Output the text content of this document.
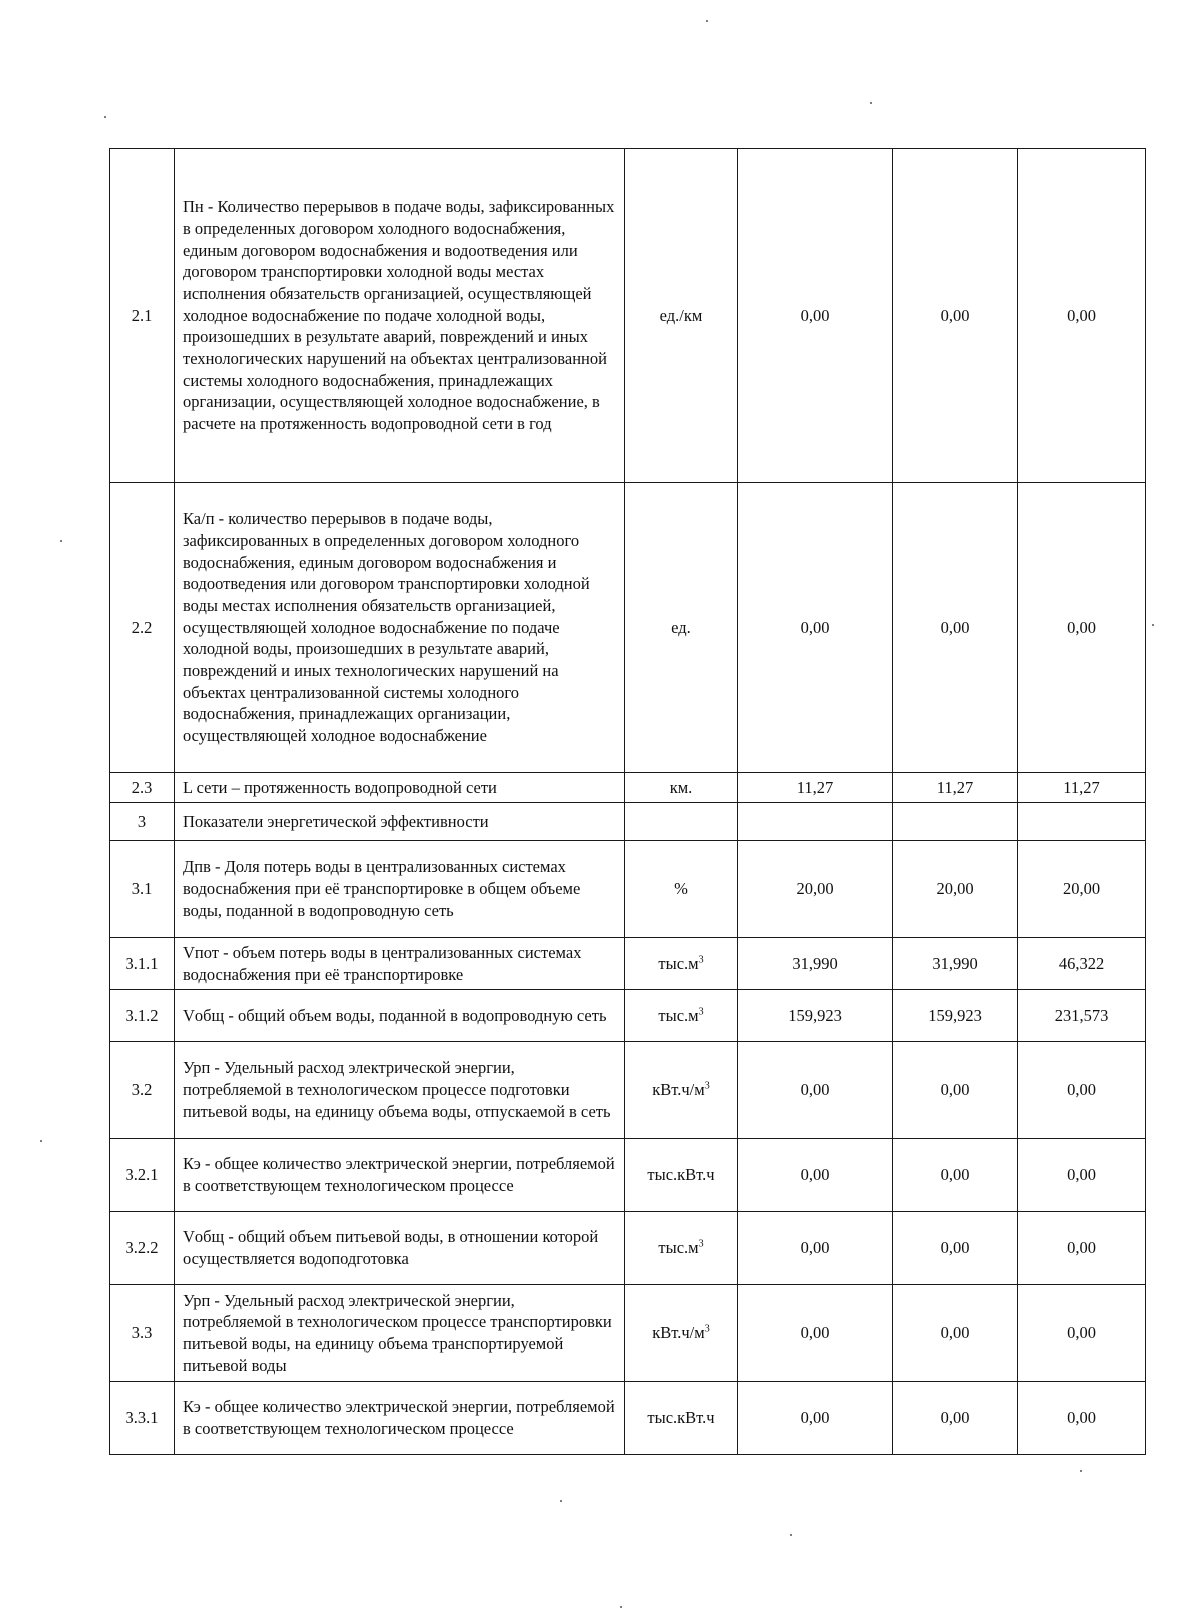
2.1	Пн - Количество перерывов в подаче воды, зафиксированных в определенных договором холодного водоснабжения, единым договором водоснабжения и водоотведения или договором транспортировки холодной воды местах исполнения обязательств организацией, осуществляющей холодное водоснабжение по подаче холодной воды, произошедших в результате аварий, повреждений и иных технологических нарушений на объектах централизованной системы холодного водоснабжения, принадлежащих организации, осуществляющей холодное водоснабжение, в расчете на протяженность водопроводной сети в год	ед./км	0,00	0,00	0,00
2.2	Ка/п - количество перерывов в подаче воды, зафиксированных в определенных договором холодного водоснабжения, единым договором водоснабжения и водоотведения или договором транспортировки холодной воды местах исполнения обязательств организацией, осуществляющей холодное водоснабжение по подаче холодной воды, произошедших в результате аварий, повреждений и иных технологических нарушений на объектах централизованной системы холодного водоснабжения, принадлежащих организации, осуществляющей холодное водоснабжение	ед.	0,00	0,00	0,00
2.3	L сети – протяженность водопроводной сети	км.	11,27	11,27	11,27
3	Показатели энергетической эффективности				
3.1	Дпв - Доля потерь воды в централизованных системах водоснабжения при её транспортировке в общем объеме воды, поданной в водопроводную сеть	%	20,00	20,00	20,00
3.1.1	Vпот - объем потерь воды в централизованных системах водоснабжения при её транспортировке	$тыс.м^3$	31,990	31,990	46,322
3.1.2	Vобщ - общий объем воды, поданной в водопроводную сеть	$тыс.м^3$	159,923	159,923	231,573
3.2	Урп - Удельный расход электрической энергии, потребляемой в технологическом процессе подготовки питьевой воды, на единицу объема воды, отпускаемой в сеть	$кВт.ч/м^3$	0,00	0,00	0,00
3.2.1	Кэ - общее количество электрической энергии, потребляемой в соответствующем технологическом процессе	тыс.кВт.ч	0,00	0,00	0,00
3.2.2	Vобщ - общий объем питьевой воды, в отношении которой осуществляется водоподготовка	$тыс.м^3$	0,00	0,00	0,00
3.3	Урп - Удельный расход электрической энергии, потребляемой в технологическом процессе транспортировки питьевой воды, на единицу объема транспортируемой питьевой воды	$кВт.ч/м^3$	0,00	0,00	0,00
3.3.1	Кэ - общее количество электрической энергии, потребляемой в соответствующем технологическом процессе	тыс.кВт.ч	0,00	0,00	0,00
